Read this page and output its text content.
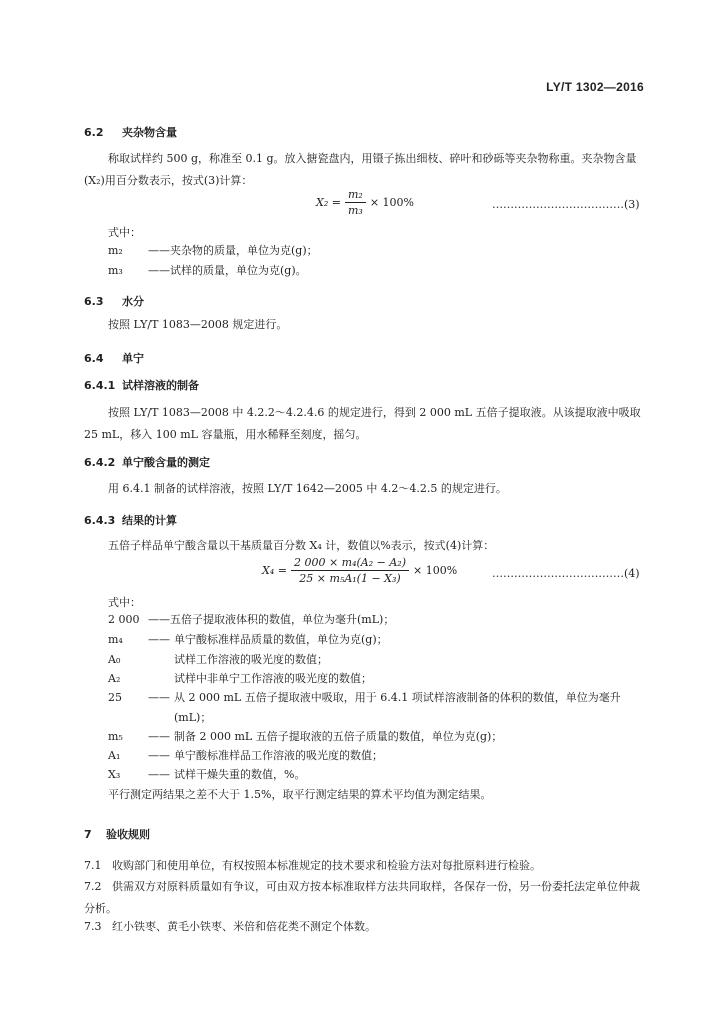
LY/T 1302—2016
6.2 夹杂物含量
称取试样约 500 g，称准至 0.1 g。放入搪瓷盘内，用镊子拣出细枝、碎叶和砂砾等夹杂物称重。夹杂物含量(X₂)用百分数表示，按式(3)计算：
$X_2 = \frac{\text{m₂}}{\text{m₃}} \times 100\%$	………………………………(3)
式中：
m₂ ——夹杂物的质量，单位为克(g)；
m₃ ——试样的质量，单位为克(g)。
6.3 水分
按照 LY/T 1083—2008 规定进行。
6.4 单宁
6.4.1 试样溶液的制备
按照 LY/T 1083—2008 中 4.2.2～4.2.4.6 的规定进行，得到 2 000 mL 五倍子提取液。从该提取液中吸取 25 mL，移入 100 mL 容量瓶，用水稀释至刻度，摇匀。
6.4.2 单宁酸含量的测定
用 6.4.1 制备的试样溶液，按照 LY/T 1642—2005 中 4.2～4.2.5 的规定进行。
6.4.3 结果的计算
五倍子样品单宁酸含量以干基质量百分数 X₄ 计，数值以%表示，按式(4)计算：
$X_4 = \frac{\text{2 000 × m₄(A₂ − A₂)}}{\text{25 × m₅A₁(1 − X₃)}} \times 100\%$	………………………………(4)
式中：
2 000 ——五倍子提取液体积的数值，单位为毫升(mL)；
m₄ —— 单宁酸标准样品质量的数值，单位为克(g)；
A₀	试样工作溶液的吸光度的数值；
A₂	试样中非单宁工作溶液的吸光度的数值；
25 —— 从 2 000 mL 五倍子提取液中吸取，用于 6.4.1 项试样溶液制备的体积的数值，单位为毫升(mL)；
m₅ —— 制备 2 000 mL 五倍子提取液的五倍子质量的数值，单位为克(g)；
A₁	—— 单宁酸标准样品工作溶液的吸光度的数值；
X₃	—— 试样干燥失重的数值，%。
平行测定两结果之差不大于 1.5%，取平行测定结果的算术平均值为测定结果。
7 验收规则
7.1 收购部门和使用单位，有权按照本标准规定的技术要求和检验方法对每批原料进行检验。
7.2 供需双方对原料质量如有争议，可由双方按本标准取样方法共同取样，各保存一份，另一份委托法定单位仲裁分析。
7.3 红小铁枣、黄毛小铁枣、米倍和倍花类不测定个体数。
